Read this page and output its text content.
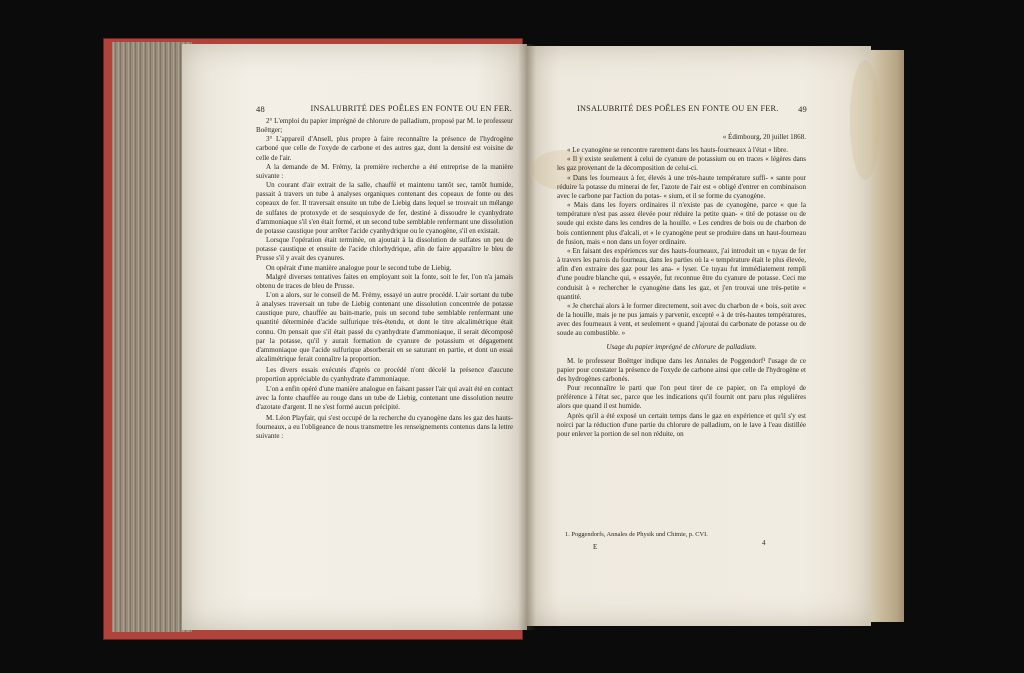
48	INSALUBRITÉ DES POÊLES EN FONTE OU EN FER.

2° L'emploi du papier imprégné de chlorure de palladium, proposé par M. le professeur Boëttger;

3° L'appareil d'Ansell, plus propre à faire reconnaître la présence de l'hydrogène carboné que celle de l'oxyde de carbone et des autres gaz, dont la densité est voisine de celle de l'air.

A la demande de M. Frémy, la première recherche a été entreprise de la manière suivante :

Un courant d'air extrait de la salle, chauffé et maintenu tantôt sec, tantôt humide, passait à travers un tube à analyses organiques contenant des copeaux de fonte ou des copeaux de fer. Il traversait ensuite un tube de Liebig dans lequel se trouvait un mélange de sulfates de protoxyde et de sesquioxyde de fer, destiné à dissoudre le cyanhydrate d'ammoniaque s'il s'en était formé, et un second tube semblable renfermant une dissolution de potasse caustique pour arrêter l'acide cyanhydrique ou le cyanogène, s'il en existait.

Lorsque l'opération était terminée, on ajoutait à la dissolution de sulfates un peu de potasse caustique et ensuite de l'acide chlorhydrique, afin de faire apparaître le bleu de Prusse s'il y avait des cyanures.

On opérait d'une manière analogue pour le second tube de Liebig.

Malgré diverses tentatives faites en employant soit la fonte, soit le fer, l'on n'a jamais obtenu de traces de bleu de Prusse.

L'on a alors, sur le conseil de M. Frémy, essayé un autre procédé. L'air sortant du tube à analyses traversait un tube de Liebig contenant une dissolution concentrée de potasse caustique pure, chauffée au bain-marie, puis un second tube semblable renfermant une quantité déterminée d'acide sulfurique très-étendu, et dont le titre alcalimétrique était connu. On pensait que s'il était passé du cyanhydrate d'ammoniaque, il serait décomposé par la potasse, qu'il y aurait formation de cyanure de potassium et dégagement d'ammoniaque que l'acide sulfurique absorberait en se saturant en partie, et dont un essai alcalimétrique ferait connaître la proportion.

Les divers essais exécutés d'après ce procédé n'ont décelé la présence d'aucune proportion appréciable du cyanhydrate d'ammoniaque.

L'on a enfin opéré d'une manière analogue en faisant passer l'air qui avait été en contact avec la fonte chauffée au rouge dans un tube de Liebig, contenant une dissolution neutre d'azotate d'argent. Il ne s'est formé aucun précipité.

M. Léon Playfair, qui s'est occupé de la recherche du cyanogène dans les gaz des hauts-fourneaux, a eu l'obligeance de nous transmettre les renseignements contenus dans la lettre suivante :

INSALUBRITÉ DES POÊLES EN FONTE OU EN FER. 49

« Édimbourg, 20 juillet 1868.

« Le cyanogène se rencontre rarement dans les hauts-fourneaux à l'état « libre.

« Il y existe seulement à celui de cyanure de potassium ou en traces « légères dans les gaz provenant de la décomposition de celui-ci.

« Dans les fourneaux à fer, élevés à une très-haute température suffi- « sante pour réduire la potasse du minerai de fer, l'azote de l'air est « obligé d'entrer en combinaison avec le carbone par l'action du potas- « sium, et il se forme du cyanogène.

« Mais dans les foyers ordinaires il n'existe pas de cyanogène, parce « que la température n'est pas assez élevée pour réduire la petite quan- « tité de potasse ou de soude qui existe dans les cendres de la houille. « Les cendres de bois ou de charbon de bois contiennent plus d'alcali, et « le cyanogène peut se produire dans un haut-fourneau de fusion, mais « non dans un foyer ordinaire.

« En faisant des expériences sur des hauts-fourneaux, j'ai introduit un « tuyau de fer à travers les parois du fourneau, dans les parties où la « température était le plus élevée, afin d'en extraire des gaz pour les ana- « lyser. Ce tuyau fut immédiatement rempli d'une poudre blanche qui, « essayée, fut reconnue être du cyanure de potasse. Ceci me conduisit à « rechercher le cyanogène dans les gaz, et j'en trouvai une très-petite « quantité.

« Je cherchai alors à le former directement, soit avec du charbon de « bois, soit avec de la houille, mais je ne pus jamais y parvenir, excepté « à de très-hautes températures, avec des fourneaux à vent, et seulement « quand j'ajoutai du carbonate de potasse ou de soude au combustible. »

Usage du papier imprégné de chlorure de palladium.

M. le professeur Boëttger indique dans les Annales de Poggendorf¹ l'usage de ce papier pour constater la présence de l'oxyde de carbone ainsi que celle de l'hydrogène et des hydrogènes carbonés.

Pour reconnaître le parti que l'on peut tirer de ce papier, on l'a employé de préférence à l'état sec, parce que les indications qu'il fournit ont paru plus régulières alors que quand il est humide.

Après qu'il a été exposé un certain temps dans le gaz en expérience et qu'il s'y est noirci par la réduction d'une partie du chlorure de palladium, on le lave à l'eau distillée pour enlever la portion de sel non réduite, on

1. Poggendorfs, Annales de Physik und Chimie, p. CVI.
E	4
